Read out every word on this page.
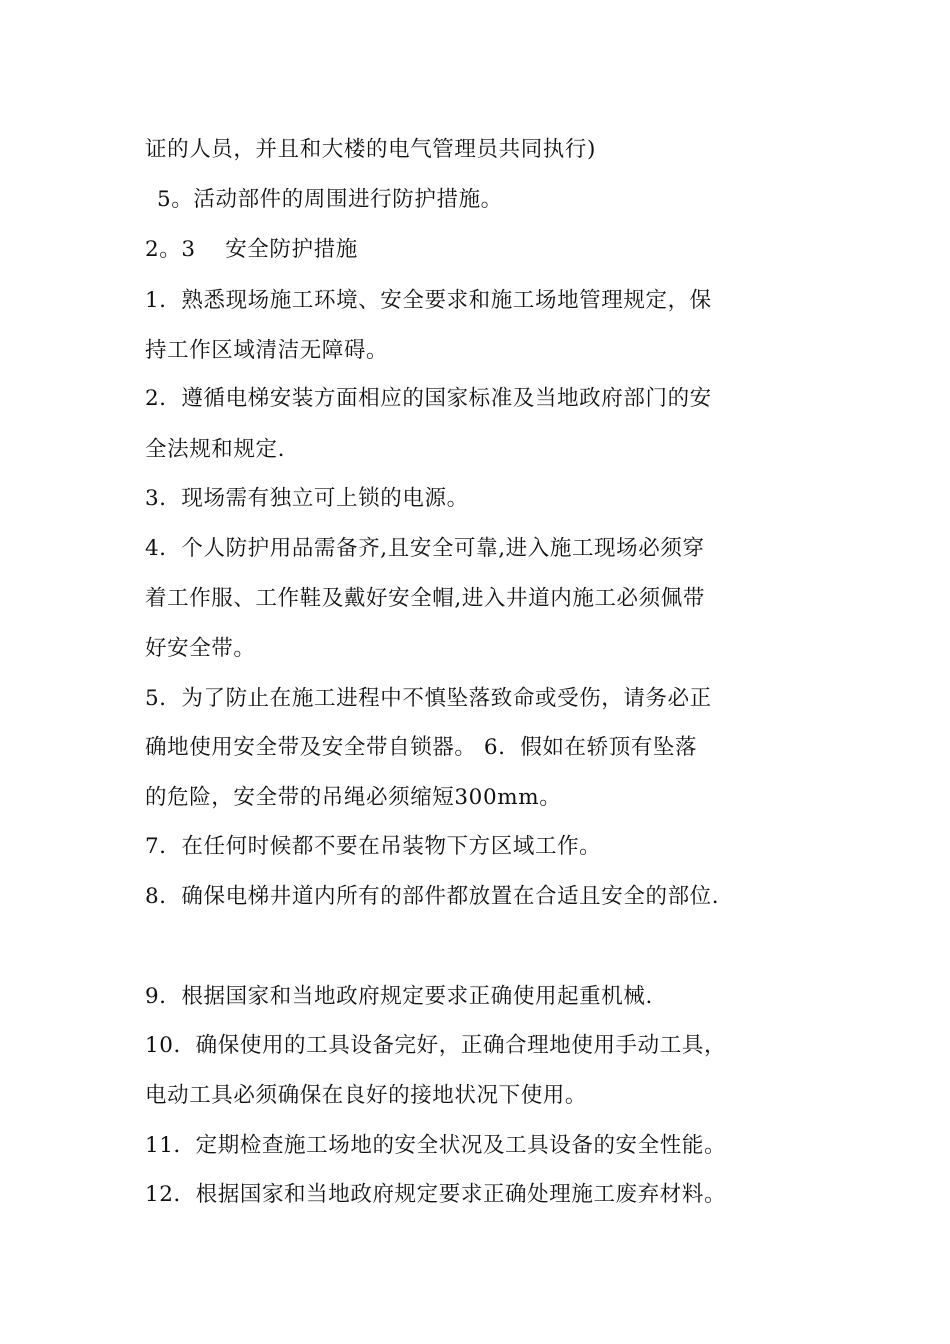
证的人员，并且和大楼的电气管理员共同执行)
5。活动部件的周围进行防护措施。
2。3　 安全防护措施
1．熟悉现场施工环境、安全要求和施工场地管理规定，保
持工作区域清洁无障碍。
2．遵循电梯安装方面相应的国家标准及当地政府部门的安
全法规和规定.
3．现场需有独立可上锁的电源。
4．个人防护用品需备齐,且安全可靠,进入施工现场必须穿
着工作服、工作鞋及戴好安全帽,进入井道内施工必须佩带
好安全带。
5．为了防止在施工进程中不慎坠落致命或受伤，请务必正
确地使用安全带及安全带自锁器。 6．假如在轿顶有坠落
的危险，安全带的吊绳必须缩短300mm。
7．在任何时候都不要在吊装物下方区域工作。
8．确保电梯井道内所有的部件都放置在合适且安全的部位.
9．根据国家和当地政府规定要求正确使用起重机械.
10．确保使用的工具设备完好，正确合理地使用手动工具，
电动工具必须确保在良好的接地状况下使用。
11．定期检查施工场地的安全状况及工具设备的安全性能。
12．根据国家和当地政府规定要求正确处理施工废弃材料。
